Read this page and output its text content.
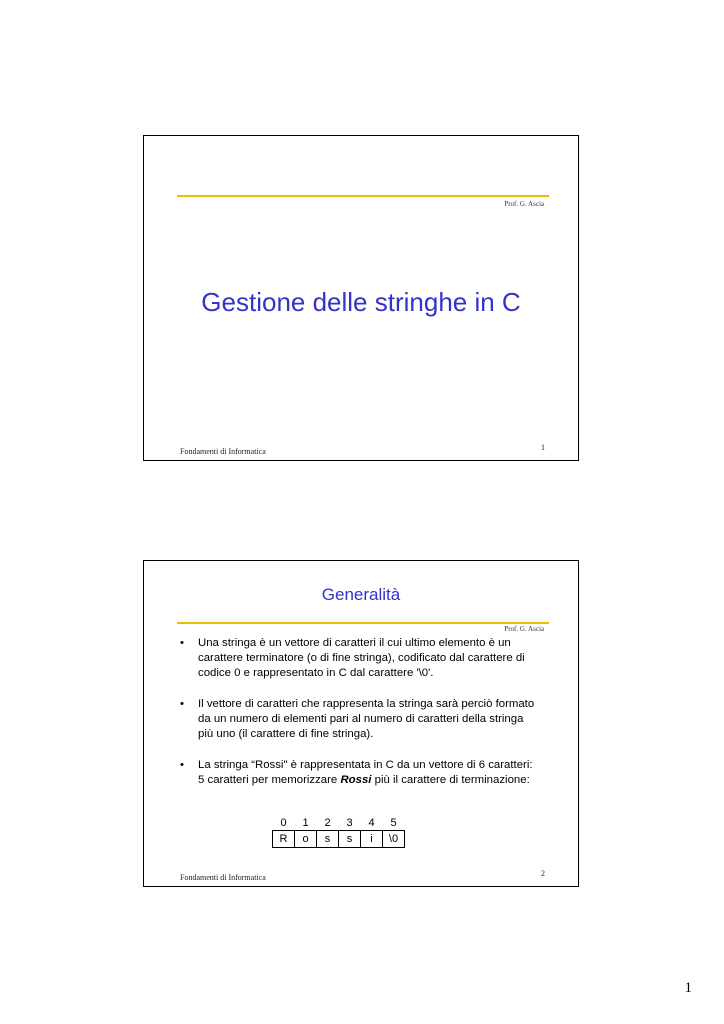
Prof. G. Ascia
Gestione delle stringhe in C
Fondamenti di Informatica	1
Generalità
Prof. G. Ascia
• Una stringa è un vettore di caratteri il cui ultimo elemento è un carattere terminatore (o di fine stringa), codificato dal carattere di codice 0 e rappresentato in C dal carattere '\0'.
• Il vettore di caratteri che rappresenta la stringa sarà perciò formato da un numero di elementi pari al numero di caratteri della stringa più uno (il carattere di fine stringa).
• La stringa “Rossi" è rappresentata in C da un vettore di 6 caratteri: 5 caratteri per memorizzare Rossi più il carattere di terminazione:
0	1	2	3	4	5
R	o	s	s	i	\0
Fondamenti di Informatica	2
1
